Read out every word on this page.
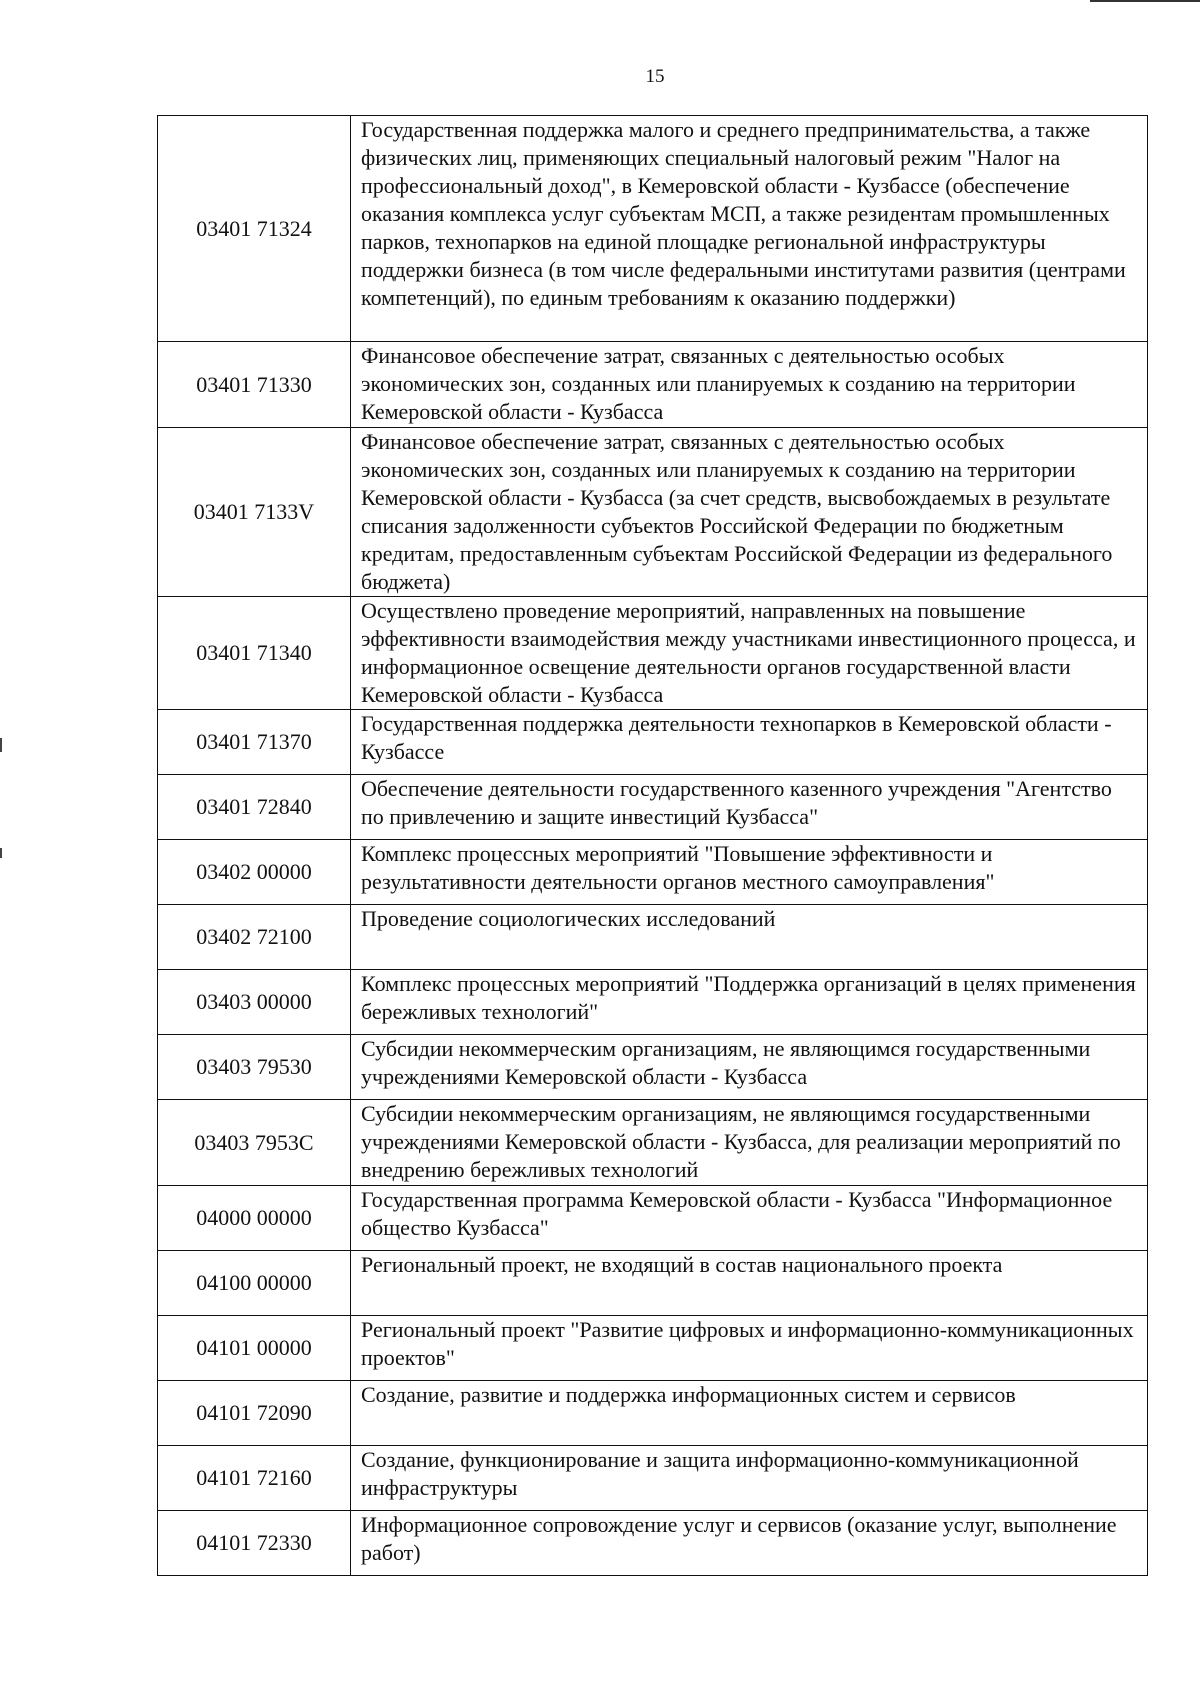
15
03401 71324	Государственная поддержка малого и среднего предпринимательства, а также физических лиц, применяющих специальный налоговый режим "Налог на профессиональный доход", в Кемеровской области - Кузбассе (обеспечение оказания комплекса услуг субъектам МСП, а также резидентам промышленных парков, технопарков на единой площадке региональной инфраструктуры поддержки бизнеса (в том числе федеральными институтами развития (центрами компетенций), по единым требованиям к оказанию поддержки)
03401 71330	Финансовое обеспечение затрат, связанных с деятельностью особых экономических зон, созданных или планируемых к созданию на территории Кемеровской области - Кузбасса
03401 7133V	Финансовое обеспечение затрат, связанных с деятельностью особых экономических зон, созданных или планируемых к созданию на территории Кемеровской области - Кузбасса (за счет средств, высвобождаемых в результате списания задолженности субъектов Российской Федерации по бюджетным кредитам, предоставленным субъектам Российской Федерации из федерального бюджета)
03401 71340	Осуществлено проведение мероприятий, направленных на повышение эффективности взаимодействия между участниками инвестиционного процесса, и информационное освещение деятельности органов государственной власти Кемеровской области - Кузбасса
03401 71370	Государственная поддержка деятельности технопарков в Кемеровской области - Кузбассе
03401 72840	Обеспечение деятельности государственного казенного учреждения "Агентство по привлечению и защите инвестиций Кузбасса"
03402 00000	Комплекс процессных мероприятий "Повышение эффективности и результативности деятельности органов местного самоуправления"
03402 72100	Проведение социологических исследований
03403 00000	Комплекс процессных мероприятий "Поддержка организаций в целях применения бережливых технологий"
03403 79530	Субсидии некоммерческим организациям, не являющимся государственными учреждениями Кемеровской области - Кузбасса
03403 7953C	Субсидии некоммерческим организациям, не являющимся государственными учреждениями Кемеровской области - Кузбасса, для реализации мероприятий по внедрению бережливых технологий
04000 00000	Государственная программа Кемеровской области - Кузбасса "Информационное общество Кузбасса"
04100 00000	Региональный проект, не входящий в состав национального проекта
04101 00000	Региональный проект "Развитие цифровых и информационно-коммуникационных проектов"
04101 72090	Создание, развитие и поддержка информационных систем и сервисов
04101 72160	Создание, функционирование и защита информационно-коммуникационной инфраструктуры
04101 72330	Информационное сопровождение услуг и сервисов (оказание услуг, выполнение работ)
